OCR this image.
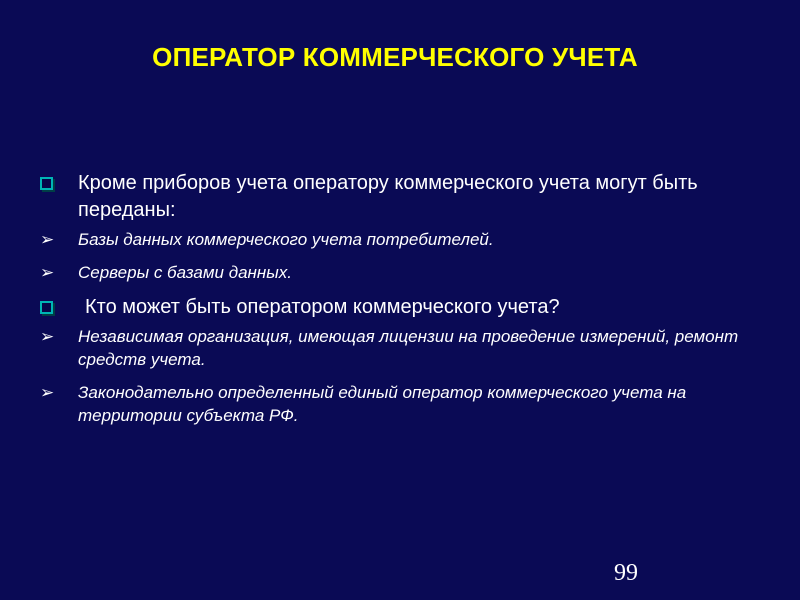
ОПЕРАТОР КОММЕРЧЕСКОГО УЧЕТА
Кроме приборов учета оператору коммерческого учета могут быть переданы:
➢ Базы данных коммерческого учета потребителей.
➢ Серверы с базами данных.
Кто может быть оператором коммерческого учета?
➢ Независимая организация, имеющая лицензии на проведение измерений, ремонт средств учета.
➢ Законодательно определенный единый оператор коммерческого учета на территории субъекта РФ.
99
